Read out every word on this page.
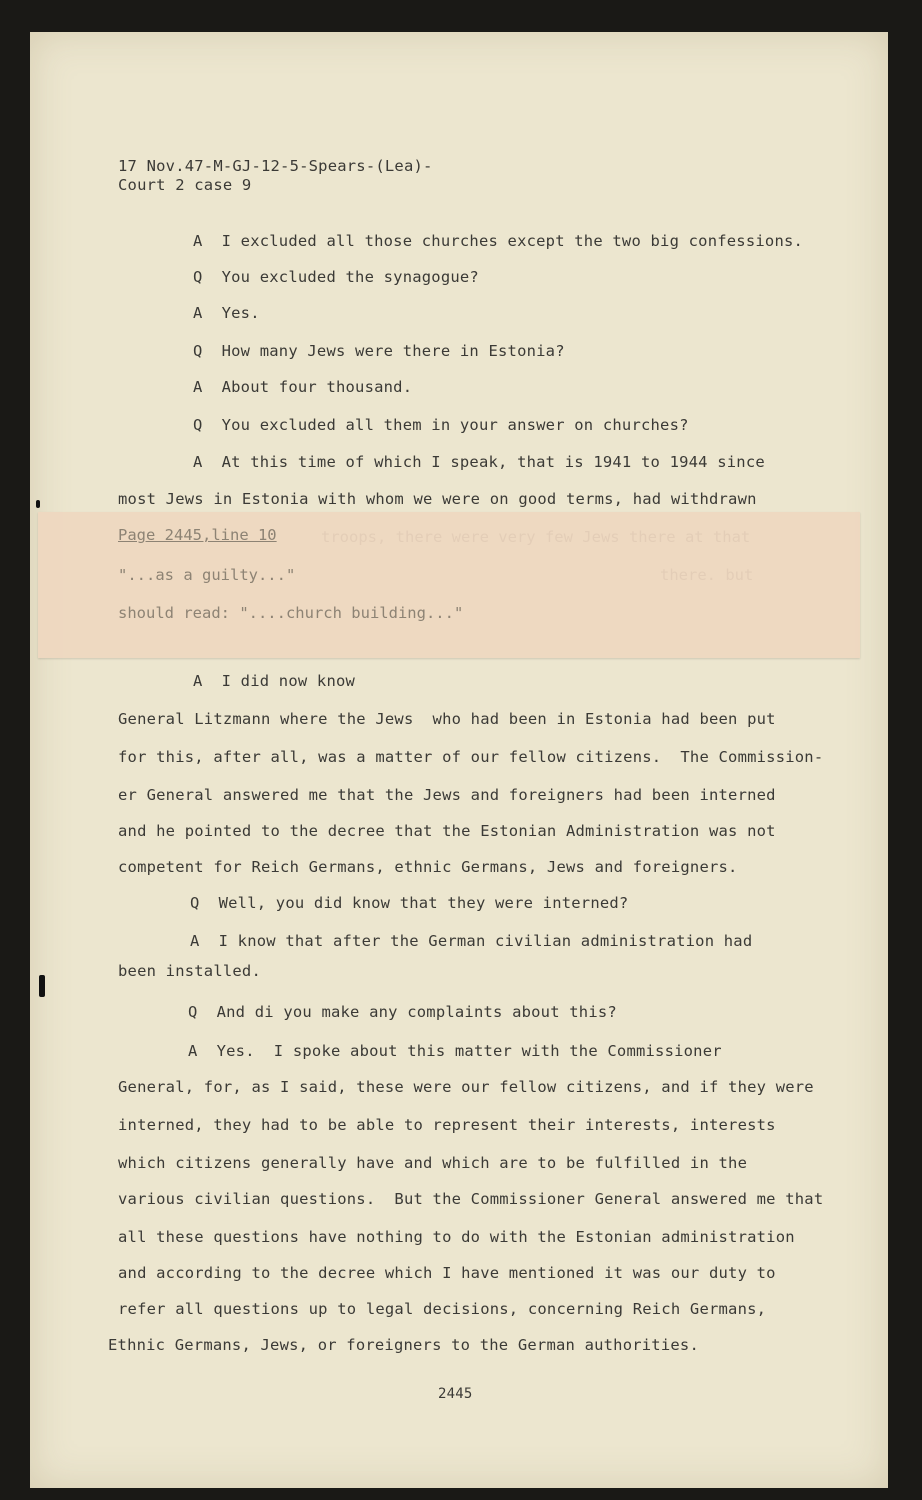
17 Nov.47-M-GJ-12-5-Spears-(Lea)-
Court 2 case 9
A  I excluded all those churches except the two big confessions.
Q  You excluded the synagogue?
A  Yes.
Q  How many Jews were there in Estonia?
A  About four thousand.
Q  You excluded all them in your answer on churches?
A  At this time of which I speak, that is 1941 to 1944 since
most Jews in Estonia with whom we were on good terms, had withdrawn
Page 2445,line 10
"...as a guilty..."
should read: "....church building..."
A  I did now know
General Litzmann where the Jews  who had been in Estonia had been put
for this, after all, was a matter of our fellow citizens.  The Commission-
er General answered me that the Jews and foreigners had been interned
and he pointed to the decree that the Estonian Administration was not
competent for Reich Germans, ethnic Germans, Jews and foreigners.
Q  Well, you did know that they were interned?
A  I know that after the German civilian administration had
been installed.
Q  And di you make any complaints about this?
A  Yes.  I spoke about this matter with the Commissioner
General, for, as I said, these were our fellow citizens, and if they were
interned, they had to be able to represent their interests, interests
which citizens generally have and which are to be fulfilled in the
various civilian questions.  But the Commissioner General answered me that
all these questions have nothing to do with the Estonian administration
and according to the decree which I have mentioned it was our duty to
refer all questions up to legal decisions, concerning Reich Germans,
Ethnic Germans, Jews, or foreigners to the German authorities.
2445
